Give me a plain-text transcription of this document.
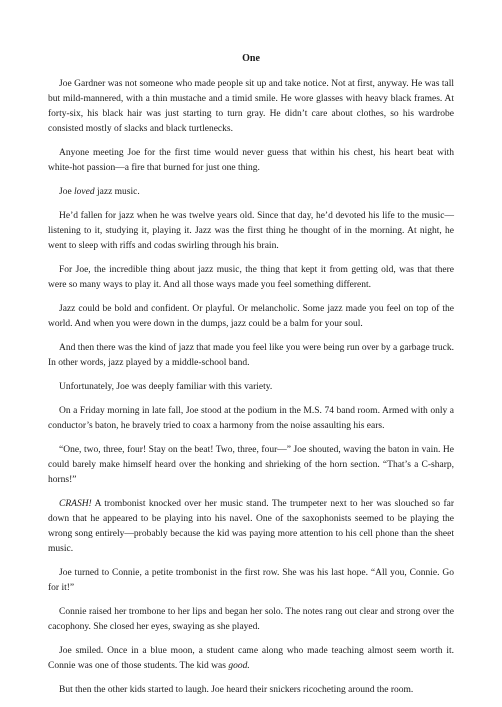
One

Joe Gardner was not someone who made people sit up and take notice. Not at first, anyway. He was tall but mild-mannered, with a thin mustache and a timid smile. He wore glasses with heavy black frames. At forty-six, his black hair was just starting to turn gray. He didn’t care about clothes, so his wardrobe consisted mostly of slacks and black turtlenecks.

Anyone meeting Joe for the first time would never guess that within his chest, his heart beat with white-hot passion—a fire that burned for just one thing.

Joe loved jazz music.

He’d fallen for jazz when he was twelve years old. Since that day, he’d devoted his life to the music—listening to it, studying it, playing it. Jazz was the first thing he thought of in the morning. At night, he went to sleep with riffs and codas swirling through his brain.

For Joe, the incredible thing about jazz music, the thing that kept it from getting old, was that there were so many ways to play it. And all those ways made you feel something different.

Jazz could be bold and confident. Or playful. Or melancholic. Some jazz made you feel on top of the world. And when you were down in the dumps, jazz could be a balm for your soul.

And then there was the kind of jazz that made you feel like you were being run over by a garbage truck. In other words, jazz played by a middle-school band.

Unfortunately, Joe was deeply familiar with this variety.

On a Friday morning in late fall, Joe stood at the podium in the M.S. 74 band room. Armed with only a conductor’s baton, he bravely tried to coax a harmony from the noise assaulting his ears.

“One, two, three, four! Stay on the beat! Two, three, four—” Joe shouted, waving the baton in vain. He could barely make himself heard over the honking and shrieking of the horn section. “That’s a C-sharp, horns!”

CRASH! A trombonist knocked over her music stand. The trumpeter next to her was slouched so far down that he appeared to be playing into his navel. One of the saxophonists seemed to be playing the wrong song entirely—probably because the kid was paying more attention to his cell phone than the sheet music.

Joe turned to Connie, a petite trombonist in the first row. She was his last hope. “All you, Connie. Go for it!”

Connie raised her trombone to her lips and began her solo. The notes rang out clear and strong over the cacophony. She closed her eyes, swaying as she played.

Joe smiled. Once in a blue moon, a student came along who made teaching almost seem worth it. Connie was one of those students. The kid was good.

But then the other kids started to laugh. Joe heard their snickers ricocheting around the room.
